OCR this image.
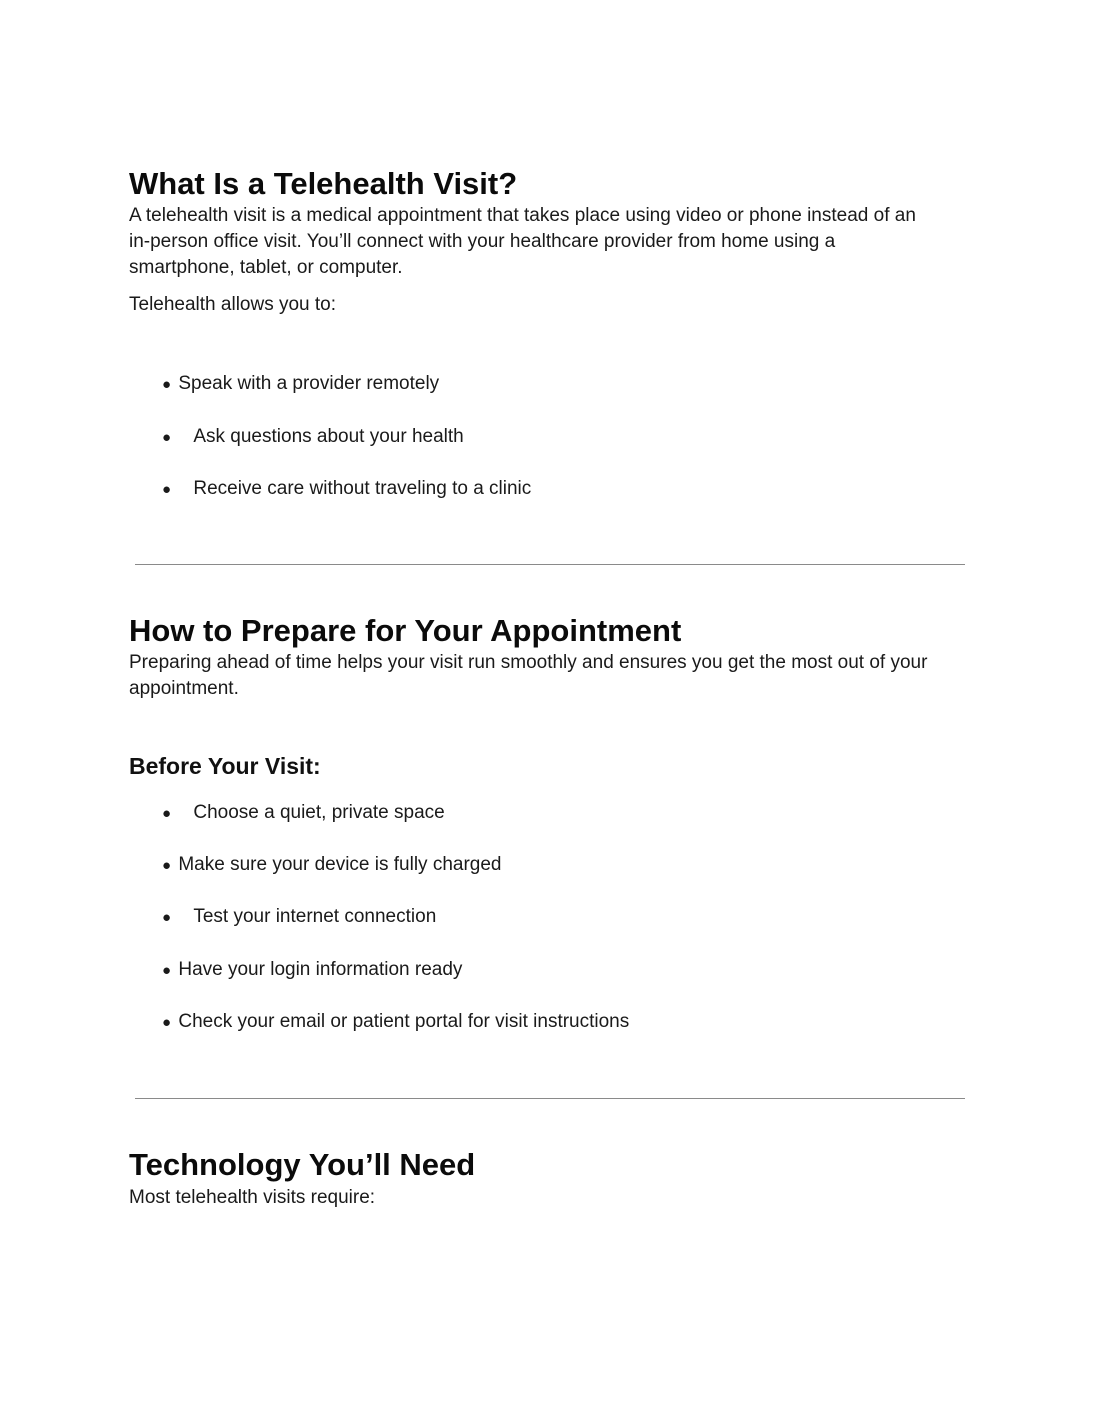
What Is a Telehealth Visit?
A telehealth visit is a medical appointment that takes place using video or phone instead of an
in-person office visit. You’ll connect with your healthcare provider from home using a
smartphone, tablet, or computer.
Telehealth allows you to:
● Speak with a provider remotely
● Ask questions about your health
● Receive care without traveling to a clinic
How to Prepare for Your Appointment
Preparing ahead of time helps your visit run smoothly and ensures you get the most out of your
appointment.
Before Your Visit:
● Choose a quiet, private space
● Make sure your device is fully charged
● Test your internet connection
● Have your login information ready
● Check your email or patient portal for visit instructions
Technology You’ll Need
Most telehealth visits require:
